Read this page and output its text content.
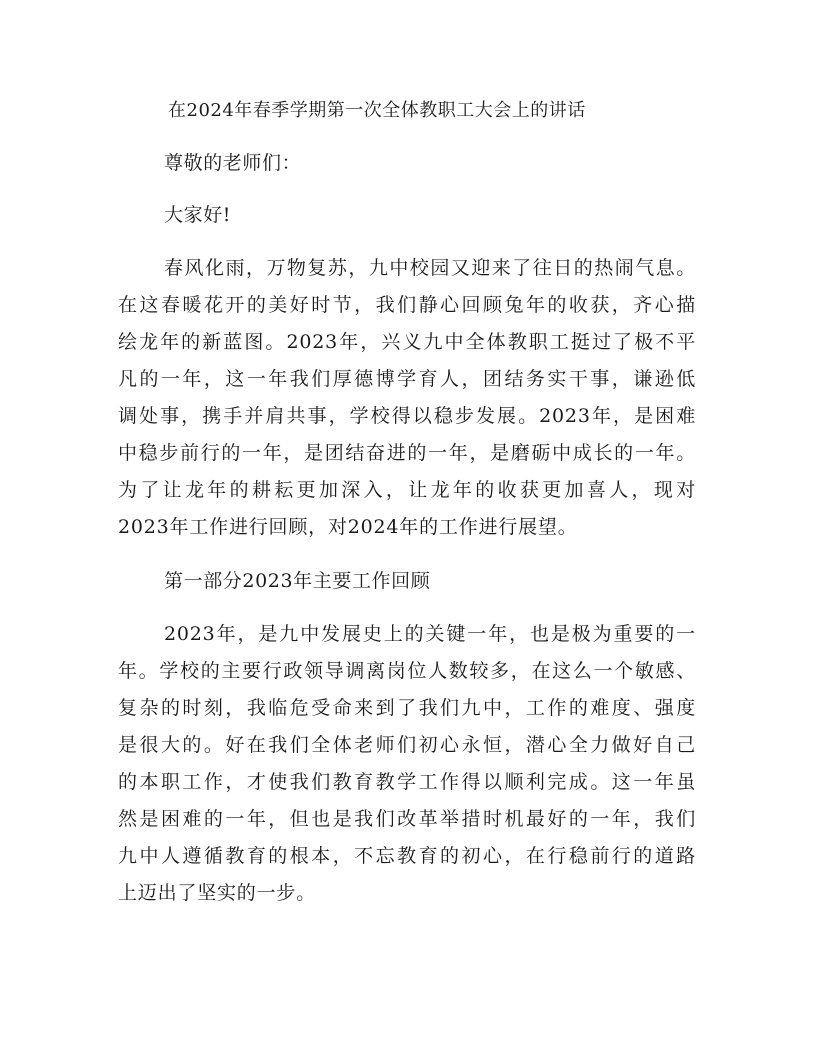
在2024年春季学期第一次全体教职工大会上的讲话

尊敬的老师们：

大家好!

春风化雨，万物复苏，九中校园又迎来了往日的热闹气息。

在这春暖花开的美好时节，我们静心回顾兔年的收获，齐心描

绘龙年的新蓝图。2023年，兴义九中全体教职工挺过了极不平

凡的一年，这一年我们厚德博学育人，团结务实干事，谦逊低

调处事，携手并肩共事，学校得以稳步发展。2023年，是困难

中稳步前行的一年，是团结奋进的一年，是磨砺中成长的一年。

为了让龙年的耕耘更加深入，让龙年的收获更加喜人，现对

2023年工作进行回顾，对2024年的工作进行展望。

第一部分2023年主要工作回顾

2023年，是九中发展史上的关键一年，也是极为重要的一

年。学校的主要行政领导调离岗位人数较多，在这么一个敏感、

复杂的时刻，我临危受命来到了我们九中，工作的难度、强度

是很大的。好在我们全体老师们初心永恒，潜心全力做好自己

的本职工作，才使我们教育教学工作得以顺利完成。这一年虽

然是困难的一年，但也是我们改革举措时机最好的一年，我们

九中人遵循教育的根本，不忘教育的初心，在行稳前行的道路

上迈出了坚实的一步。
